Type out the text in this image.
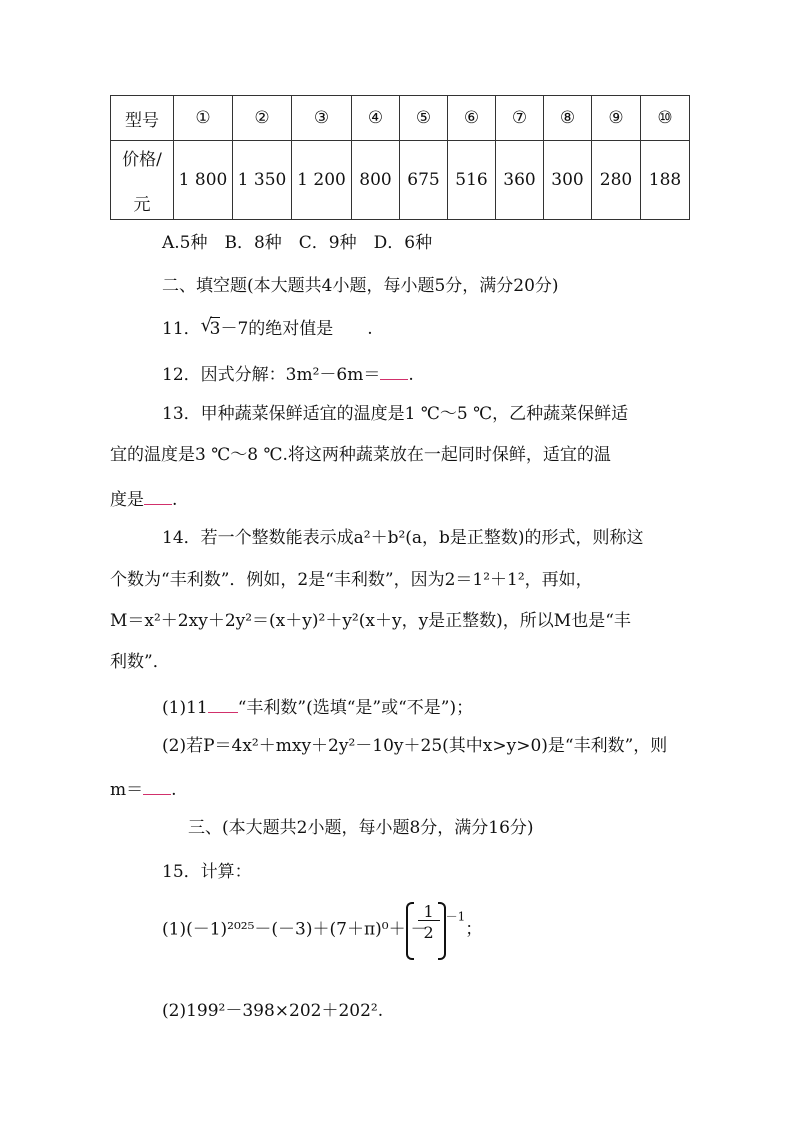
型号	①	②	③	④	⑤	⑥	⑦	⑧	⑨	⑩

价格/
元	1 800	1 350	1 200	800	675	516	360	300	280	188
A.5种　B．8种　C．9种　D．6种
二、填空题(本大题共4小题，每小题5分，满分20分)
11． √
3－7的绝对值是　　.
12．因式分解：3m²－6m＝ .
13．甲种蔬菜保鲜适宜的温度是1 ℃～5 ℃，乙种蔬菜保鲜适
宜的温度是3 ℃～8 ℃.将这两种蔬菜放在一起同时保鲜，适宜的温
度是 .
14．若一个整数能表示成a²＋b²(a，b是正整数)的形式，则称这
个数为“丰利数”．例如，2是“丰利数”，因为2＝1²＋1²，再如，
M＝x²＋2xy＋2y²＝(x＋y)²＋y²(x＋y，y是正整数)，所以M也是“丰
利数”．
(1)11 “丰利数”(选填“是”或“不是”)；
(2)若P＝4x²＋mxy＋2y²－10y＋25(其中x>y>0)是“丰利数”，则
m＝ .
三、(本大题共2小题，每小题8分，满分16分)
15．计算：
(1)(－1)²⁰²⁵－(－3)＋(7＋π)⁰＋ －
$\frac{1}{2} ^{-1}$；
(2)199²－398×202＋202².
